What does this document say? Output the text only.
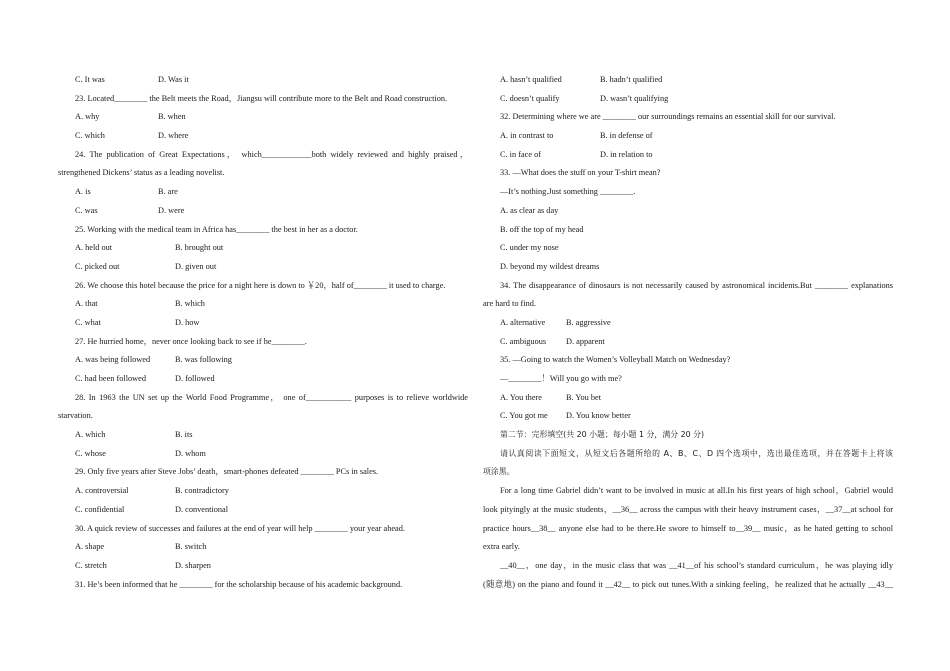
C. It was	D. Was it
23. Located________ the Belt meets the Road，Jiangsu will contribute more to the Belt and Road construction.
A. why	B. when
C. which	D. where
24. The publication of Great Expectations， which____________both widely reviewed and highly praised，
strengthened Dickens’ status as a leading novelist.
A. is	B. are
C. was	D. were
25. Working with the medical team in Africa has________ the best in her as a doctor.
A. held out	B. brought out
C. picked out	D. given out
26. We choose this hotel because the price for a night here is down to ￥20，half of________ it used to charge.
A. that	B. which
C. what	D. how
27. He hurried home，never once looking back to see if he________.
A. was being followed	B. was following
C. had been followed	D. followed
28. In 1963 the UN set up the World Food Programme， one of___________ purposes is to relieve worldwide
starvation.
A. which	B. its
C. whose	D. whom
29. Only five years after Steve Jobs’ death，smart-phones defeated ________ PCs in sales.
A. controversial	B. contradictory
C. confidential	D. conventional
30. A quick review of successes and failures at the end of year will help ________ your year ahead.
A. shape	B. switch
C. stretch	D. sharpen
31. He’s been informed that he ________ for the scholarship because of his academic background.
A. hasn’t qualified	B. hadn’t qualified
C. doesn’t qualify	D. wasn’t qualifying
32. Determining where we are ________ our surroundings remains an essential skill for our survival.
A. in contrast to	B. in defense of
C. in face of	D. in relation to
33. —What does the stuff on your T-shirt mean?
—It’s nothing.Just something ________.
A. as clear as day
B. off the top of my head
C. under my nose
D. beyond my wildest dreams
34. The disappearance of dinosaurs is not necessarily caused by astronomical incidents.But ________ explanations
are hard to find.
A. alternative	B. aggressive
C. ambiguous D. apparent
35. —Going to watch the Women’s Volleyball Match on Wednesday?
—________！Will you go with me?
A. You there	B. You bet
C. You got me D. You know better
第二节：完形填空(共 20 小题；每小题 1 分，满分 20 分)
请认真阅读下面短文，从短文后各题所给的 A、B、C、D 四个选项中，选出最佳选项，并在答题卡上将该
项涂黑。
For a long time Gabriel didn’t want to be involved in music at all.In his first years of high school，Gabriel would
look pityingly at the music students，__36__ across the campus with their heavy instrument cases，__37__at school for
practice hours__38__ anyone else had to be there.He swore to himself to__39__ music，as he hated getting to school
extra early.
__40__，one day，in the music class that was __41__of his school’s standard curriculum，he was playing idly
(随意地) on the piano and found it __42__ to pick out tunes.With a sinking feeling，he realized that he actually __43__
